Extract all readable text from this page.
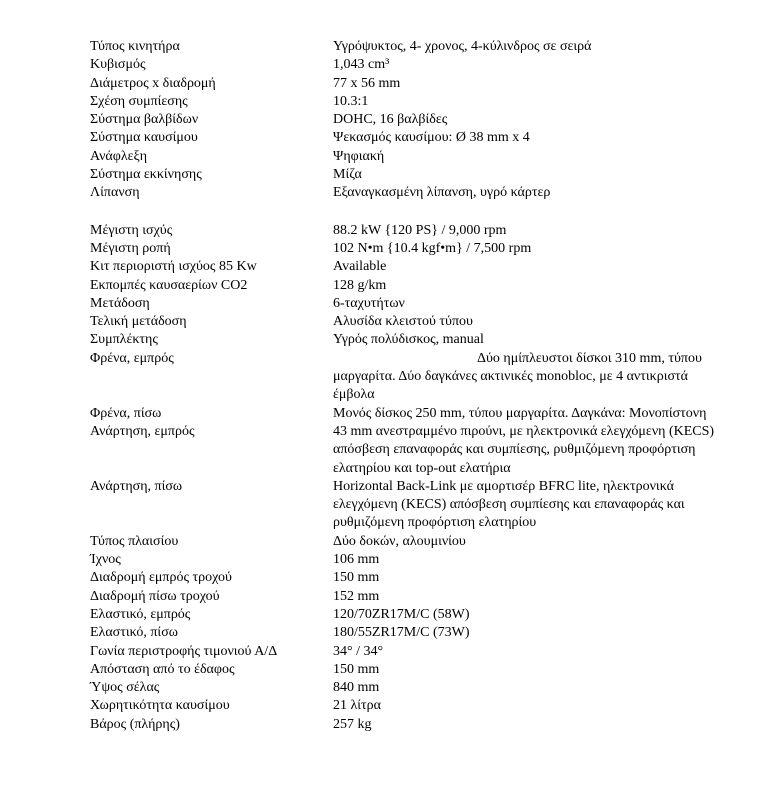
Τύπος κινητήρα	Υγρόψυκτος, 4- χρονος, 4-κύλινδρος σε σειρά
Κυβισμός	1,043 cm³
Διάμετρος x διαδρομή	77 x 56 mm
Σχέση συμπίεσης	10.3:1
Σύστημα βαλβίδων	DOHC, 16 βαλβίδες
Σύστημα καυσίμου	Ψεκασμός καυσίμου: Ø 38 mm x 4
Ανάφλεξη	Ψηφιακή
Σύστημα εκκίνησης	Μίζα
Λίπανση	Εξαναγκασμένη λίπανση, υγρό κάρτερ

Μέγιστη ισχύς	88.2 kW {120 PS} / 9,000 rpm
Μέγιστη ροπή	102 N•m {10.4 kgf•m} / 7,500 rpm
Κιτ περιοριστή ισχύος 85 Kw	Available
Εκπομπές καυσαερίων CO2	128 g/km
Μετάδοση	6-ταχυτήτων
Τελική μετάδοση	Αλυσίδα κλειστού τύπου
Συμπλέκτης	Υγρός πολύδισκος, manual
Φρένα, εμπρός	Δύο ημίπλευστοι δίσκοι 310 mm, τύπου μαργαρίτα. Δύο δαγκάνες ακτινικές monobloc, με 4 αντικριστά έμβολα
Φρένα, πίσω	Μονός δίσκος 250 mm, τύπου μαργαρίτα. Δαγκάνα: Μονοπίστονη
Ανάρτηση, εμπρός	43 mm ανεστραμμένο πιρούνι, με ηλεκτρονικά ελεγχόμενη (KECS) απόσβεση επαναφοράς και συμπίεσης, ρυθμιζόμενη προφόρτιση ελατηρίου και top-out ελατήρια
Ανάρτηση, πίσω	Horizontal Back-Link με αμορτισέρ BFRC lite, ηλεκτρονικά ελεγχόμενη (KECS) απόσβεση συμπίεσης και επαναφοράς και ρυθμιζόμενη προφόρτιση ελατηρίου
Τύπος πλαισίου	Δύο δοκών, αλουμινίου
Ίχνος	106 mm
Διαδρομή εμπρός τροχού	150 mm
Διαδρομή πίσω τροχού	152 mm
Ελαστικό, εμπρός	120/70ZR17M/C (58W)
Ελαστικό, πίσω	180/55ZR17M/C (73W)
Γωνία περιστροφής τιμονιού Α/Δ	34° / 34°
Απόσταση από το έδαφος	150 mm
Ύψος σέλας	840 mm
Χωρητικότητα καυσίμου	21 λίτρα
Βάρος (πλήρης)	257 kg
